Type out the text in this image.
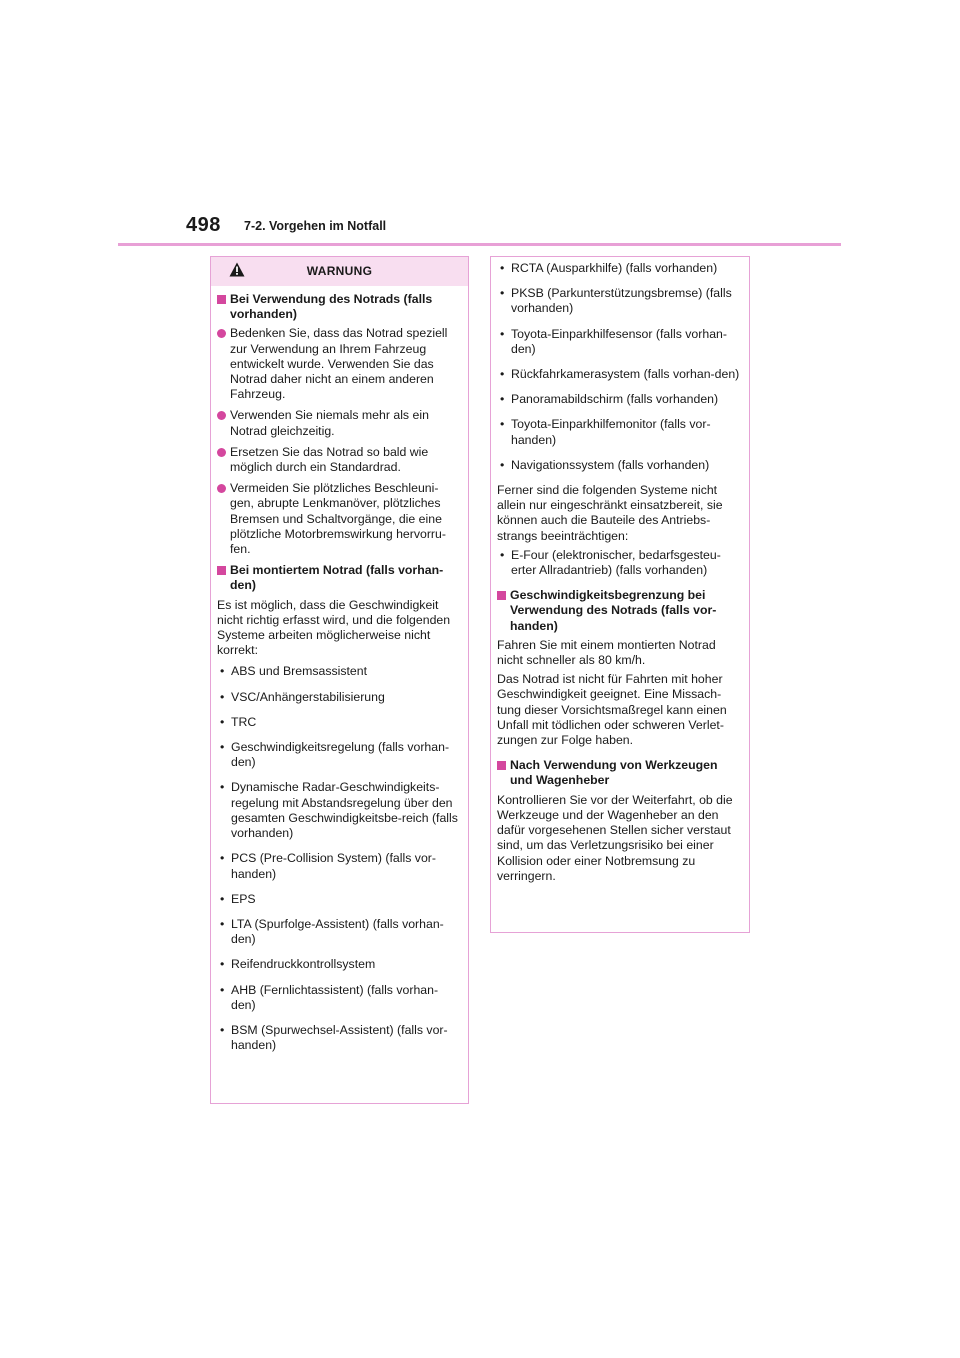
498 7-2. Vorgehen im Notfall
WARNUNG
Bei Verwendung des Notrads (falls vorhanden)
Bedenken Sie, dass das Notrad speziell zur Verwendung an Ihrem Fahrzeug entwickelt wurde. Verwenden Sie das Notrad daher nicht an einem anderen Fahrzeug.
Verwenden Sie niemals mehr als ein Notrad gleichzeitig.
Ersetzen Sie das Notrad so bald wie möglich durch ein Standardrad.
Vermeiden Sie plötzliches Beschleuni-gen, abrupte Lenkmanöver, plötzliches Bremsen und Schaltvorgänge, die eine plötzliche Motorbremswirkung hervorru-fen.
Bei montiertem Notrad (falls vorhan-den)
Es ist möglich, dass die Geschwindigkeit nicht richtig erfasst wird, und die folgenden Systeme arbeiten möglicherweise nicht korrekt:
• ABS und Bremsassistent
• VSC/Anhängerstabilisierung
• TRC
• Geschwindigkeitsregelung (falls vorhan-den)
• Dynamische Radar-Geschwindigkeits-regelung mit Abstandsregelung über den gesamten Geschwindigkeitsbe-reich (falls vorhanden)
• PCS (Pre-Collision System) (falls vor-handen)
• EPS
• LTA (Spurfolge-Assistent) (falls vorhan-den)
• Reifendruckkontrollsystem
• AHB (Fernlichtassistent) (falls vorhan-den)
• BSM (Spurwechsel-Assistent) (falls vor-handen)
• RCTA (Ausparkhilfe) (falls vorhanden)
• PKSB (Parkunterstützungsbremse) (falls vorhanden)
• Toyota-Einparkhilfesensor (falls vorhan-den)
• Rückfahrkamerasystem (falls vorhan-den)
• Panoramabildschirm (falls vorhanden)
• Toyota-Einparkhilfemonitor (falls vor-handen)
• Navigationssystem (falls vorhanden)
Ferner sind die folgenden Systeme nicht allein nur eingeschränkt einsatzbereit, sie können auch die Bauteile des Antriebs-strangs beeinträchtigen:
• E-Four (elektronischer, bedarfsgesteu-erter Allradantrieb) (falls vorhanden)
Geschwindigkeitsbegrenzung bei Verwendung des Notrads (falls vor-handen)
Fahren Sie mit einem montierten Notrad nicht schneller als 80 km/h.
Das Notrad ist nicht für Fahrten mit hoher Geschwindigkeit geeignet. Eine Missach-tung dieser Vorsichtsmaßregel kann einen Unfall mit tödlichen oder schweren Verlet-zungen zur Folge haben.
Nach Verwendung von Werkzeugen und Wagenheber
Kontrollieren Sie vor der Weiterfahrt, ob die Werkzeuge und der Wagenheber an den dafür vorgesehenen Stellen sicher verstaut sind, um das Verletzungsrisiko bei einer Kollision oder einer Notbremsung zu verringern.
